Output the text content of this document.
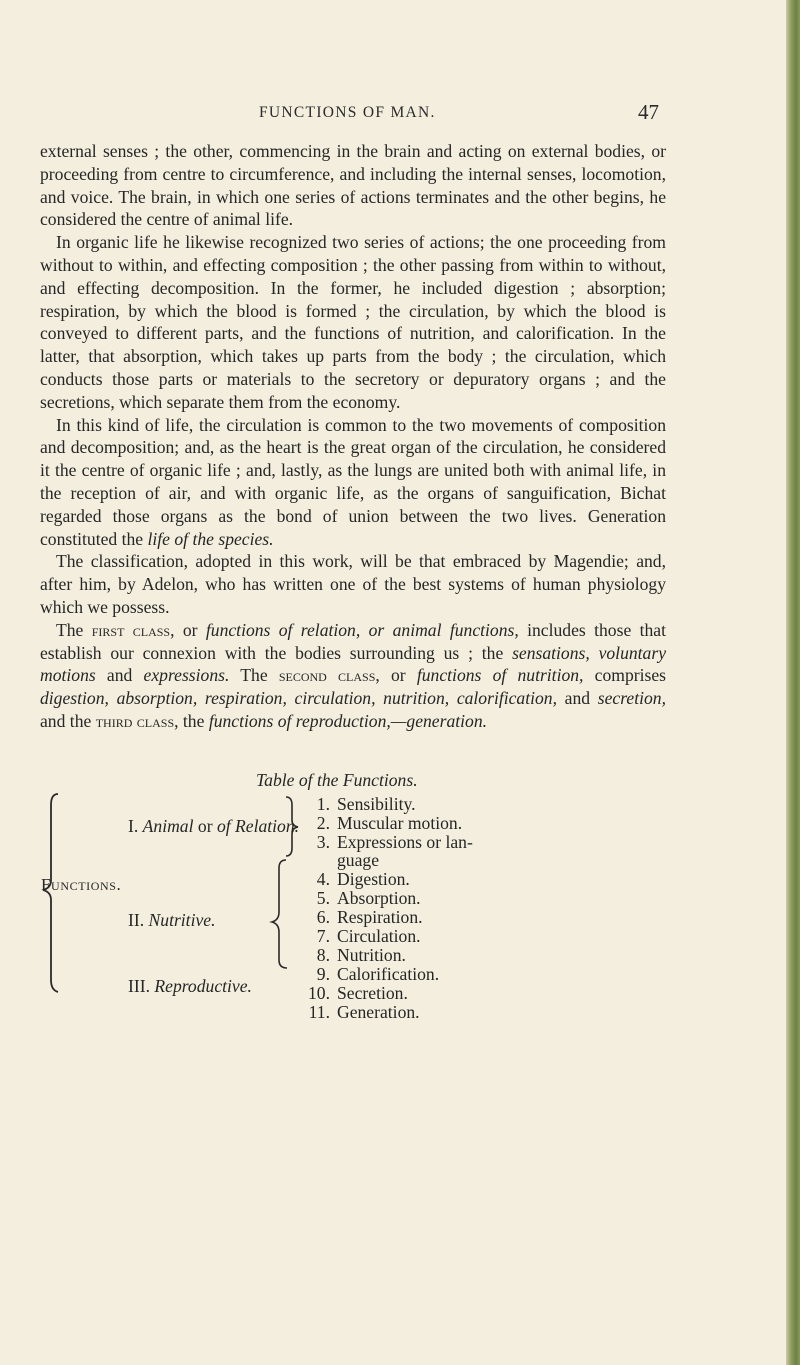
FUNCTIONS OF MAN.	47

external senses ; the other, commencing in the brain and acting on external bodies, or proceeding from centre to circumference, and including the internal senses, locomotion, and voice. The brain, in which one series of actions terminates and the other begins, he considered the centre of animal life.

In organic life he likewise recognized two series of actions; the one proceeding from without to within, and effecting composition ; the other passing from within to without, and effecting decomposition. In the former, he included digestion ; absorption; respiration, by which the blood is formed ; the circulation, by which the blood is conveyed to different parts, and the functions of nutrition, and calorification. In the latter, that absorption, which takes up parts from the body ; the circulation, which conducts those parts or materials to the secretory or depuratory organs ; and the secretions, which separate them from the economy.

In this kind of life, the circulation is common to the two movements of composition and decomposition; and, as the heart is the great organ of the circulation, he considered it the centre of organic life ; and, lastly, as the lungs are united both with animal life, in the reception of air, and with organic life, as the organs of sanguification, Bichat regarded those organs as the bond of union between the two lives. Generation constituted the life of the species.

The classification, adopted in this work, will be that embraced by Magendie; and, after him, by Adelon, who has written one of the best systems of human physiology which we possess.

The first class, or functions of relation, or animal functions, includes those that establish our connexion with the bodies surrounding us ; the sensations, voluntary motions and expressions. The second class, or functions of nutrition, comprises digestion, absorption, respiration, circulation, nutrition, calorification, and secretion, and the third class, the functions of reproduction,—generation.

Table of the Functions.
Functions.
I. Animal or of Relation.
II. Nutritive.
III. Reproductive.
1. Sensibility.
2. Muscular motion.
3. Expressions or lan-
guage
4. Digestion.
5. Absorption.
6. Respiration.
7. Circulation.
8. Nutrition.
9. Calorification.
10. Secretion.
11. Generation.
